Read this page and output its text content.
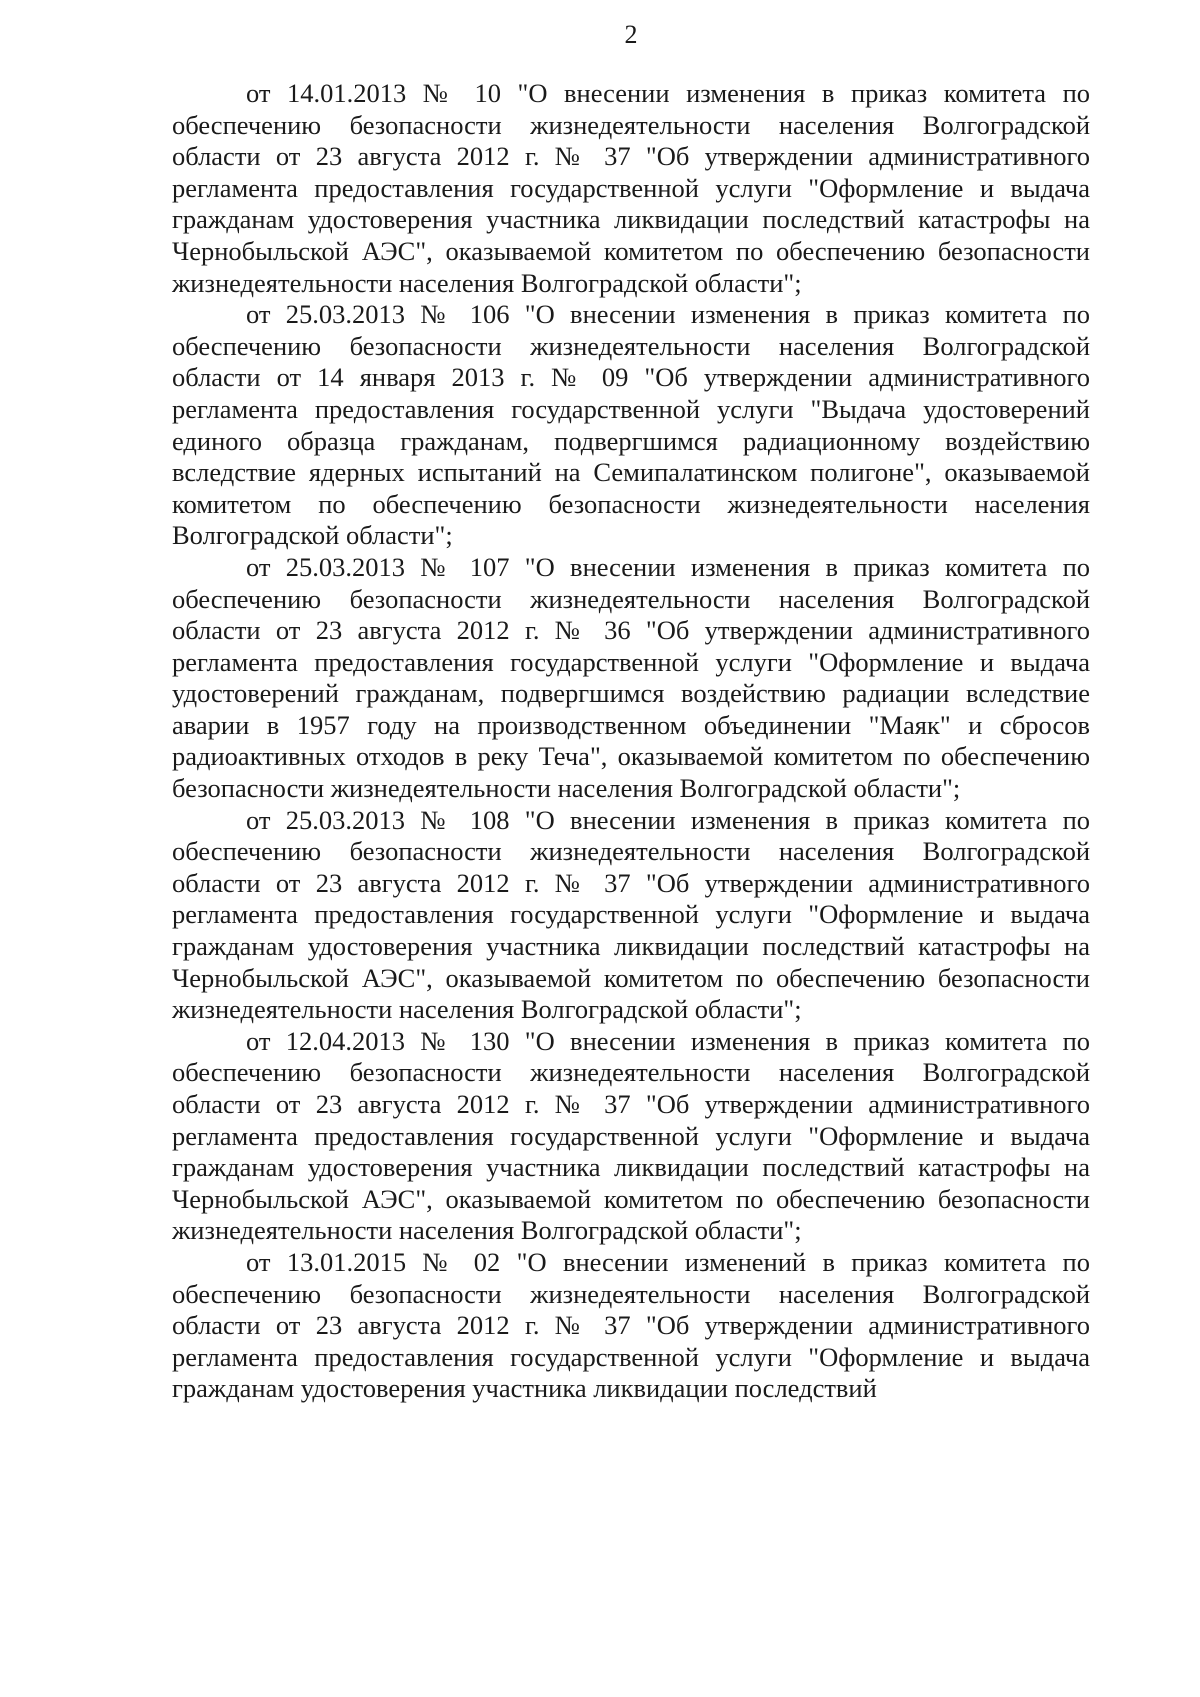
2

от 14.01.2013 № 10 "О внесении изменения в приказ комитета по обеспечению безопасности жизнедеятельности населения Волгоградской области от 23 августа 2012 г. № 37 "Об утверждении административного регламента предоставления государственной услуги "Оформление и выдача гражданам удостоверения участника ликвидации последствий катастрофы на Чернобыльской АЭС", оказываемой комитетом по обеспечению безопасности жизнедеятельности населения Волгоградской области";

от 25.03.2013 № 106 "О внесении изменения в приказ комитета по обеспечению безопасности жизнедеятельности населения Волгоградской области от 14 января 2013 г. № 09 "Об утверждении административного регламента предоставления государственной услуги "Выдача удостоверений единого образца гражданам, подвергшимся радиационному воздействию вследствие ядерных испытаний на Семипалатинском полигоне", оказываемой комитетом по обеспечению безопасности жизнедеятельности населения Волгоградской области";

от 25.03.2013 № 107 "О внесении изменения в приказ комитета по обеспечению безопасности жизнедеятельности населения Волгоградской области от 23 августа 2012 г. № 36 "Об утверждении административного регламента предоставления государственной услуги "Оформление и выдача удостоверений гражданам, подвергшимся воздействию радиации вследствие аварии в 1957 году на производственном объединении "Маяк" и сбросов радиоактивных отходов в реку Теча", оказываемой комитетом по обеспечению безопасности жизнедеятельности населения Волгоградской области";

от 25.03.2013 № 108 "О внесении изменения в приказ комитета по обеспечению безопасности жизнедеятельности населения Волгоградской области от 23 августа 2012 г. № 37 "Об утверждении административного регламента предоставления государственной услуги "Оформление и выдача гражданам удостоверения участника ликвидации последствий катастрофы на Чернобыльской АЭС", оказываемой комитетом по обеспечению безопасности жизнедеятельности населения Волгоградской области";

от 12.04.2013 № 130 "О внесении изменения в приказ комитета по обеспечению безопасности жизнедеятельности населения Волгоградской области от 23 августа 2012 г. № 37 "Об утверждении административного регламента предоставления государственной услуги "Оформление и выдача гражданам удостоверения участника ликвидации последствий катастрофы на Чернобыльской АЭС", оказываемой комитетом по обеспечению безопасности жизнедеятельности населения Волгоградской области";

от 13.01.2015 № 02 "О внесении изменений в приказ комитета по обеспечению безопасности жизнедеятельности населения Волгоградской области от 23 августа 2012 г. № 37 "Об утверждении административного регламента предоставления государственной услуги "Оформление и выдача гражданам удостоверения участника ликвидации последствий
